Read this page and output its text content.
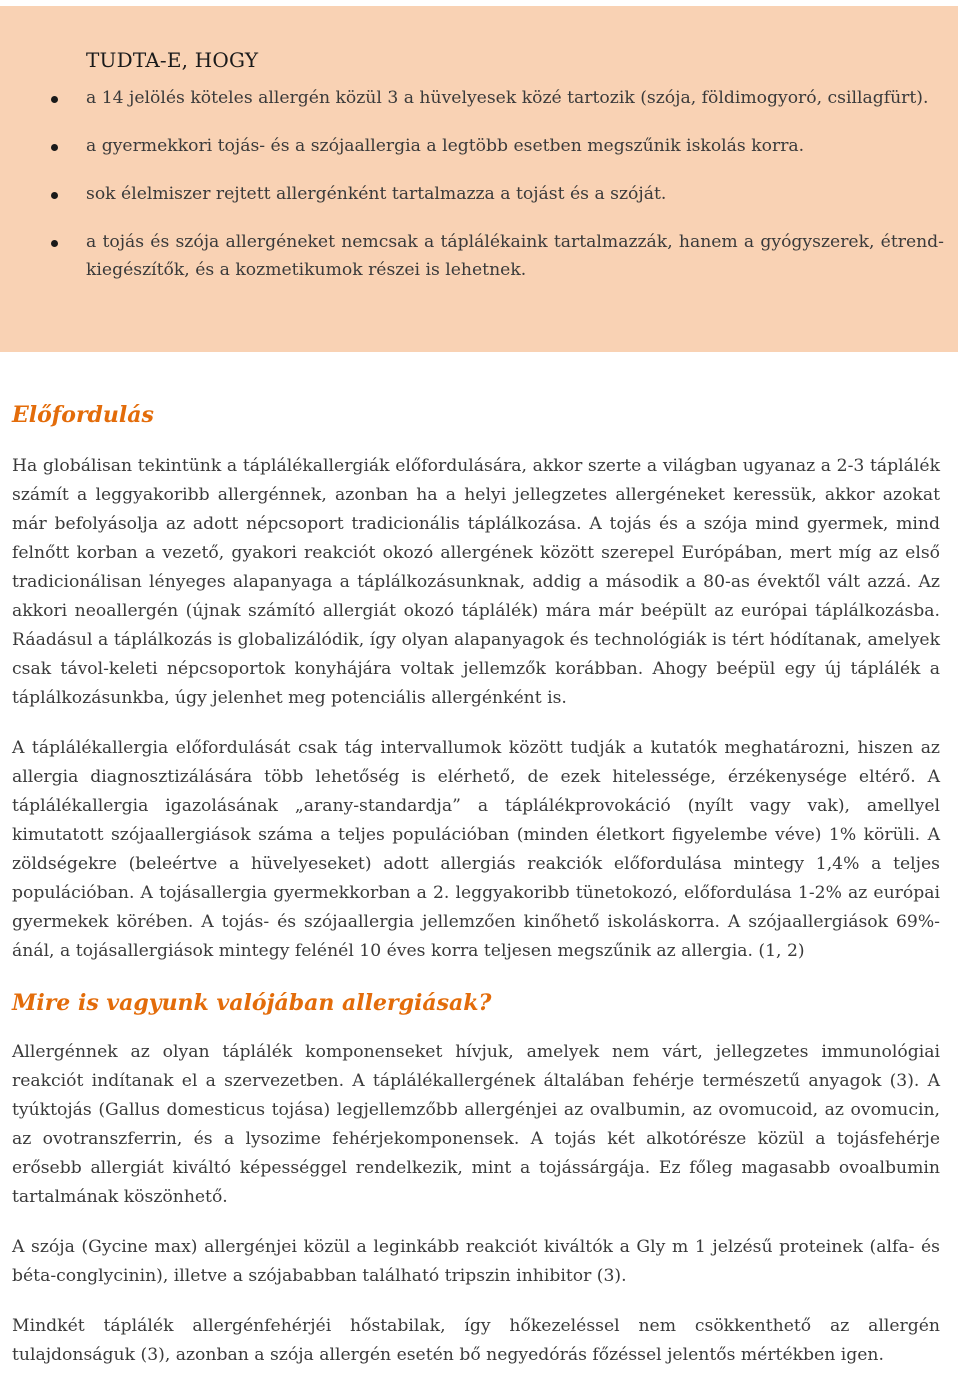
TUDTA-E, HOGY
a 14 jelölés köteles allergén közül 3 a hüvelyesek közé tartozik (szója, földimogyoró, csillagfürt).
a gyermekkori tojás- és a szójaallergia a legtöbb esetben megszűnik iskolás korra.
sok élelmiszer rejtett allergénként tartalmazza a tojást és a szóját.
a tojás és szója allergéneket nemcsak a táplálékaink tartalmazzák, hanem a gyógyszerek, étrend-kiegészítők, és a kozmetikumok részei is lehetnek.
Előfordulás

Ha globálisan tekintünk a táplálékallergiák előfordulására, akkor szerte a világban ugyanaz a 2-3 táplálék számít a leggyakoribb allergénnek, azonban ha a helyi jellegzetes allergéneket keressük, akkor azokat már befolyásolja az adott népcsoport tradicionális táplálkozása. A tojás és a szója mind gyermek, mind felnőtt korban a vezető, gyakori reakciót okozó allergének között szerepel Európában, mert míg az első tradicionálisan lényeges alapanyaga a táplálkozásunknak, addig a második a 80-as évektől vált azzá. Az akkori neoallergén (újnak számító allergiát okozó táplálék) mára már beépült az európai táplálkozásba. Ráadásul a táplálkozás is globalizálódik, így olyan alapanyagok és technológiák is tért hódítanak, amelyek csak távol-keleti népcsoportok konyhájára voltak jellemzők korábban. Ahogy beépül egy új táplálék a táplálkozásunkba, úgy jelenhet meg potenciális allergénként is.

A táplálékallergia előfordulását csak tág intervallumok között tudják a kutatók meghatározni, hiszen az allergia diagnosztizálására több lehetőség is elérhető, de ezek hitelessége, érzékenysége eltérő. A táplálékallergia igazolásának „arany-standardja” a táplálékprovokáció (nyílt vagy vak), amellyel kimutatott szójaallergiások száma a teljes populációban (minden életkort figyelembe véve) 1% körüli. A zöldségekre (beleértve a hüvelyeseket) adott allergiás reakciók előfordulása mintegy 1,4% a teljes populációban. A tojásallergia gyermekkorban a 2. leggyakoribb tünetokozó, előfordulása 1-2% az európai gyermekek körében. A tojás- és szójaallergia jellemzően kinőhető iskoláskorra. A szójaallergiások 69%-ánál, a tojásallergiások mintegy felénél 10 éves korra teljesen megszűnik az allergia. (1, 2)

Mire is vagyunk valójában allergiásak?

Allergénnek az olyan táplálék komponenseket hívjuk, amelyek nem várt, jellegzetes immunológiai reakciót indítanak el a szervezetben. A táplálékallergének általában fehérje természetű anyagok (3). A tyúktojás (Gallus domesticus tojása) legjellemzőbb allergénjei az ovalbumin, az ovomucoid, az ovomucin, az ovotranszferrin, és a lysozime fehérjekomponensek. A tojás két alkotórésze közül a tojásfehérje erősebb allergiát kiváltó képességgel rendelkezik, mint a tojássárgája. Ez főleg magasabb ovoalbumin tartalmának köszönhető.

A szója (Gycine max) allergénjei közül a leginkább reakciót kiváltók a Gly m 1 jelzésű proteinek (alfa- és béta-conglycinin), illetve a szójababban található tripszin inhibitor (3).

Mindkét táplálék allergénfehérjéi hőstabilak, így hőkezeléssel nem csökkenthető az allergén tulajdonságuk (3), azonban a szója allergén esetén bő negyedórás főzéssel jelentős mértékben igen.
